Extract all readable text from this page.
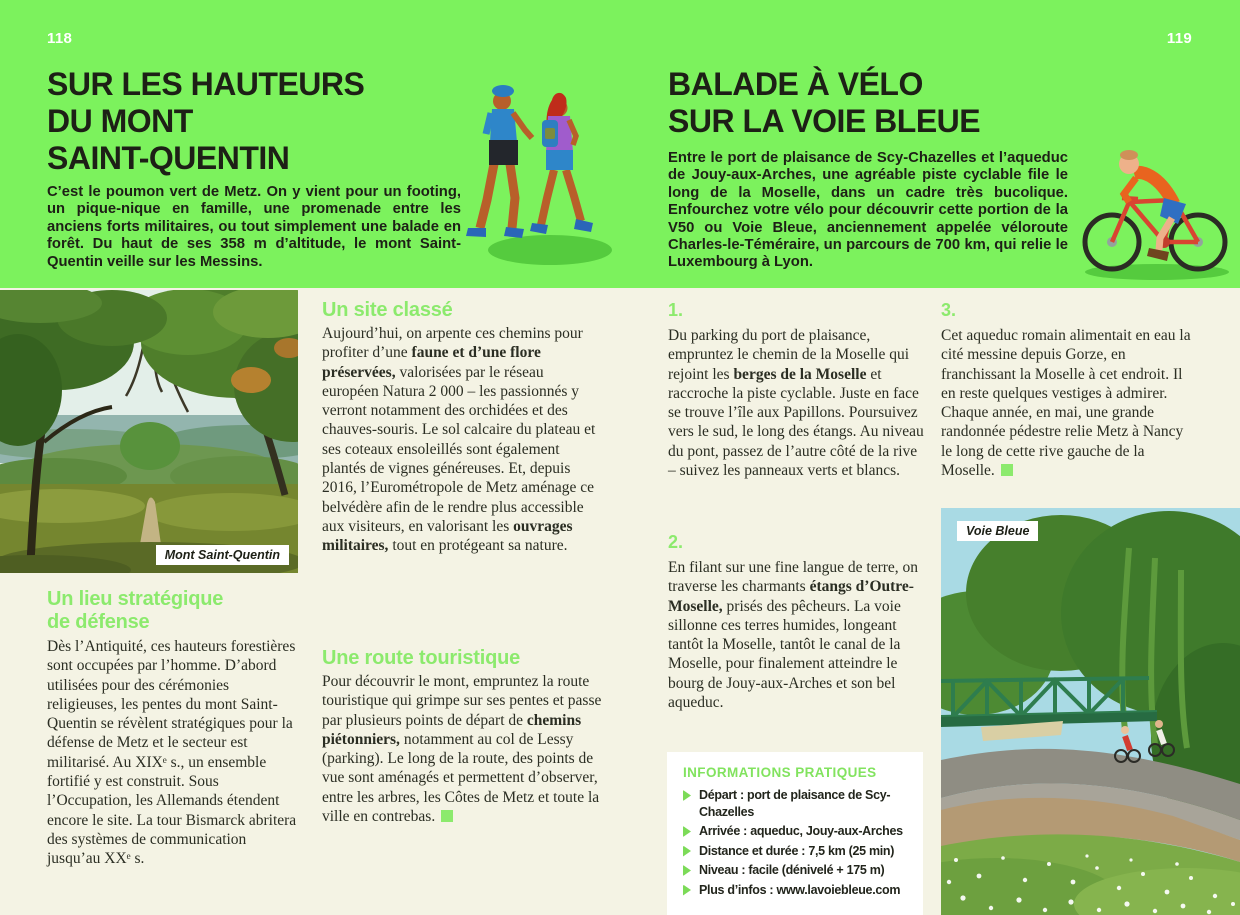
118	119
SUR LES HAUTEURS
DU MONT
SAINT-QUENTIN

C’est le poumon vert de Metz. On y vient pour un footing, un pique-nique en famille, une promenade entre les anciens forts militaires, ou tout simplement une balade en forêt. Du haut de ses 358 m d’altitude, le mont Saint-Quentin veille sur les Messins.

BALADE À VÉLO
SUR LA VOIE BLEUE

Entre le port de plaisance de Scy-Chazelles et l’aqueduc de Jouy-aux-Arches, une agréable piste cyclable file le long de la Moselle, dans un cadre très bucolique. Enfourchez votre vélo pour découvrir cette portion de la V50 ou Voie Bleue, anciennement appelée véloroute Charles-le-Téméraire, un parcours de 700 km, qui relie le Luxembourg à Lyon.

Mont Saint-Quentin
Un lieu stratégique
de défense

Dès l’Antiquité, ces hauteurs forestières sont occupées par l’homme. D’abord utilisées pour des cérémonies religieuses, les pentes du mont Saint-Quentin se révèlent stratégiques pour la défense de Metz et le secteur est militarisé. Au XIXᵉ s., un ensemble fortifié y est construit. Sous l’Occupation, les Allemands étendent encore le site. La tour Bismarck abritera des systèmes de communication jusqu’au XXᵉ s.

Un site classé

Aujourd’hui, on arpente ces chemins pour profiter d’une faune et d’une flore préservées, valorisées par le réseau européen Natura 2 000 – les passionnés y verront notamment des orchidées et des chauves-souris. Le sol calcaire du plateau et ses coteaux ensoleillés sont également plantés de vignes généreuses. Et, depuis 2016, l’Eurométropole de Metz aménage ce belvédère afin de le rendre plus accessible aux visiteurs, en valorisant les ouvrages militaires, tout en protégeant sa nature.

Une route touristique

Pour découvrir le mont, empruntez la route touristique qui grimpe sur ses pentes et passe par plusieurs points de départ de chemins piétonniers, notamment au col de Lessy (parking). Le long de la route, des points de vue sont aménagés et permettent d’observer, entre les arbres, les Côtes de Metz et toute la ville en contrebas.

1.

Du parking du port de plaisance, empruntez le chemin de la Moselle qui rejoint les berges de la Moselle et raccroche la piste cyclable. Juste en face se trouve l’île aux Papillons. Poursuivez vers le sud, le long des étangs. Au niveau du pont, passez de l’autre côté de la rive – suivez les panneaux verts et blancs.

2.

En filant sur une fine langue de terre, on traverse les charmants étangs d’Outre-Moselle, prisés des pêcheurs. La voie sillonne ces terres humides, longeant tantôt la Moselle, tantôt le canal de la Moselle, pour finalement atteindre le bourg de Jouy-aux-Arches et son bel aqueduc.

INFORMATIONS PRATIQUES
Départ : port de plaisance de Scy-Chazelles
Arrivée : aqueduc, Jouy-aux-Arches
Distance et durée : 7,5 km (25 min)
Niveau : facile (dénivelé + 175 m)
Plus d’infos : www.lavoiebleue.com
3.

Cet aqueduc romain alimentait en eau la cité messine depuis Gorze, en franchissant la Moselle à cet endroit. Il en reste quelques vestiges à admirer. Chaque année, en mai, une grande randonnée pédestre relie Metz à Nancy le long de cette rive gauche de la Moselle.

Voie Bleue
